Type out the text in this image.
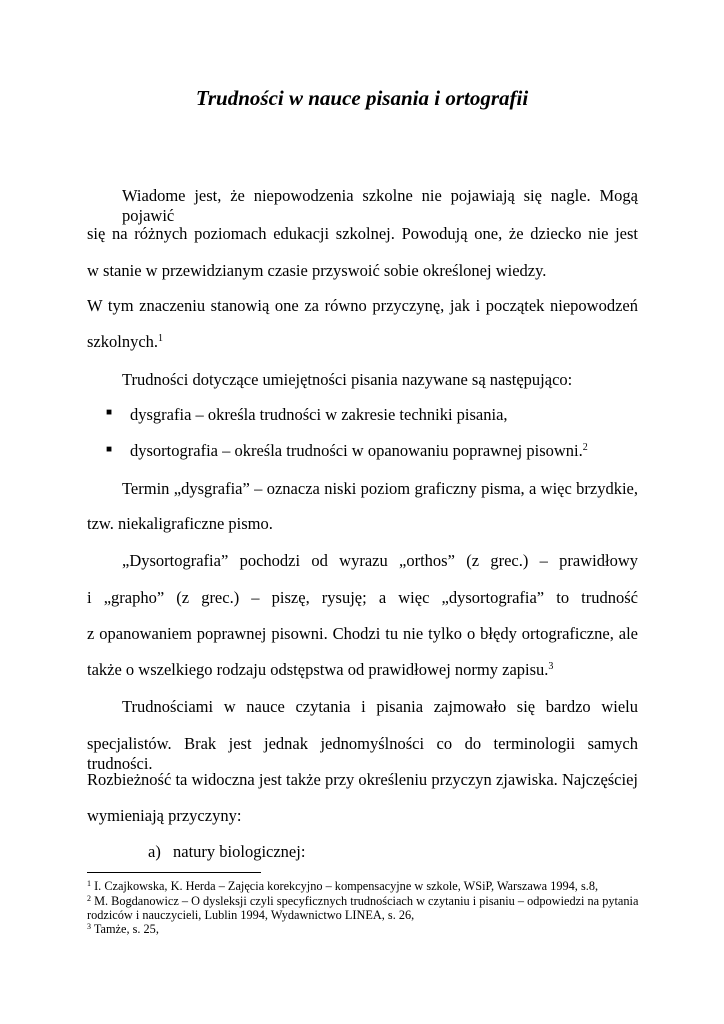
Trudności w nauce pisania i ortografii
Wiadome jest, że niepowodzenia szkolne nie pojawiają się nagle. Mogą pojawić
się na różnych poziomach edukacji szkolnej. Powodują one, że dziecko nie jest
w stanie w przewidzianym czasie przyswoić sobie określonej wiedzy.
W tym znaczeniu stanowią one za równo przyczynę, jak i początek niepowodzeń
szkolnych.$^1$
Trudności dotyczące umiejętności pisania nazywane są następująco:
■ dysgrafia – określa trudności w zakresie techniki pisania,
■ dysortografia – określa trudności w opanowaniu poprawnej pisowni.$^2$
Termin „dysgrafia” – oznacza niski poziom graficzny pisma, a więc brzydkie,
tzw. niekaligraficzne pismo.
„Dysortografia” pochodzi od wyrazu „orthos” (z grec.) – prawidłowy
i „grapho” (z grec.) – piszę, rysuję; a więc „dysortografia” to trudność
z opanowaniem poprawnej pisowni. Chodzi tu nie tylko o błędy ortograficzne, ale
także o wszelkiego rodzaju odstępstwa od prawidłowej normy zapisu.$^3$
Trudnościami w nauce czytania i pisania zajmowało się bardzo wielu
specjalistów. Brak jest jednak jednomyślności co do terminologii samych trudności.
Rozbieżność ta widoczna jest także przy określeniu przyczyn zjawiska. Najczęściej
wymieniają przyczyny:
a) natury biologicznej:
$^1$ I. Czajkowska, K. Herda – Zajęcia korekcyjno – kompensacyjne w szkole, WSiP, Warszawa 1994, s.8,
$^2$ M. Bogdanowicz – O dysleksji czyli specyficznych trudnościach w czytaniu i pisaniu – odpowiedzi na pytania
rodziców i nauczycieli, Lublin 1994, Wydawnictwo LINEA, s. 26,
$^3$ Tamże, s. 25,
